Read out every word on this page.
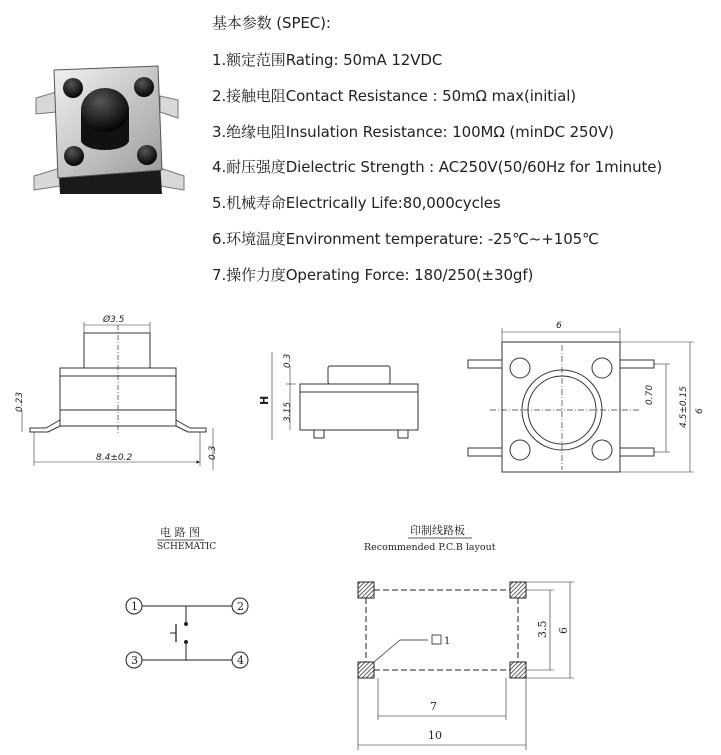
基本参数 (SPEC):
1.额定范围Rating: 50mA 12VDC
2.接触电阻Contact Resistance : 50mΩ max(initial)
3.绝缘电阻Insulation Resistance: 100MΩ (minDC 250V)
4.耐压强度Dielectric Strength : AC250V(50/60Hz for 1minute)
5.机械寿命Electrically Life:80,000cycles
6.环境温度Environment temperature: -25℃~+105℃
7.操作力度Operating Force: 180/250(±30gf)
Ø3.5
0.23
8.4±0.2	0.3
H
0.3
3.15
6
0.70	4.5±0.15 6
电 路 图
SCHEMATIC
1	2
3	4
印制线路板
Recommended P.C.B layout
1
3.5 6
7
10
